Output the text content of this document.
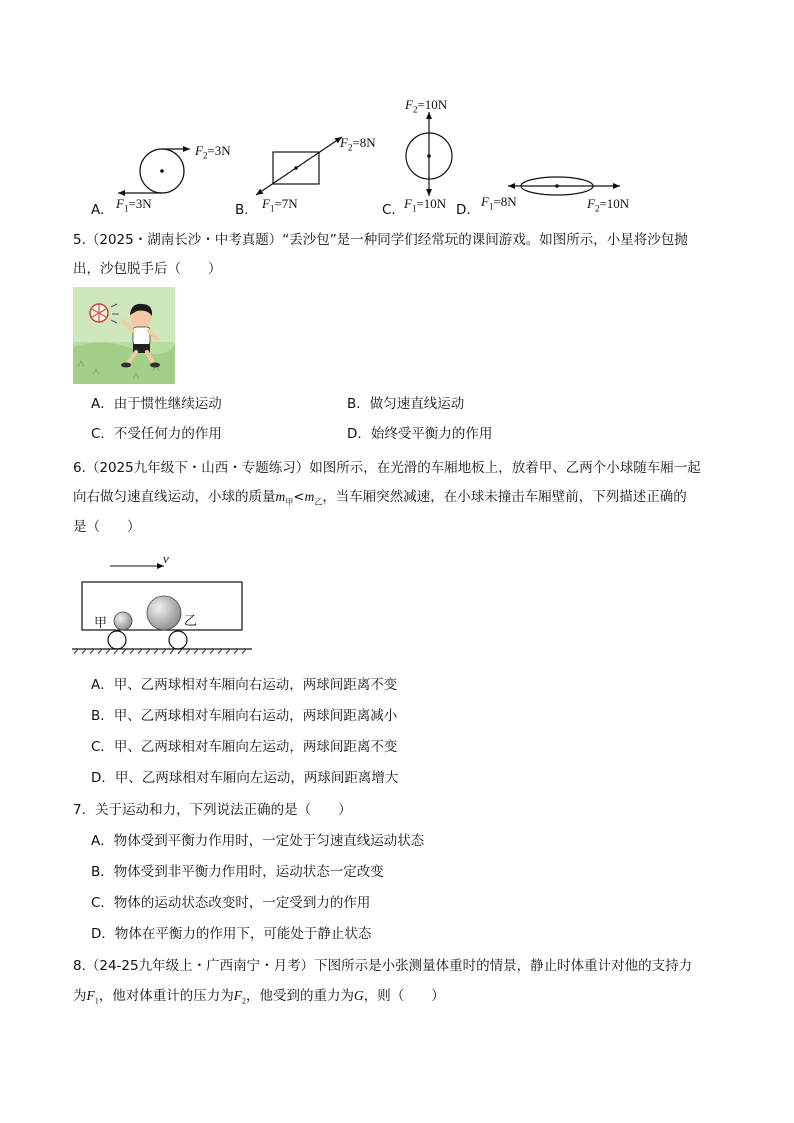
A. $F_1=3N$
$F_2=3N$
B. $F_1=7N$
$F_2=8N$
C. $F_1=10N$
$F_2=10N$
D.
$F_1=8N$	$F_2=10N$
5.（2025・湖南长沙・中考真题）“丢沙包”是一种同学们经常玩的课间游戏。如图所示，小星将沙包抛
出，沙包脱手后（　　）
A．由于惯性继续运动	B．做匀速直线运动
C．不受任何力的作用	D．始终受平衡力的作用
6.（2025九年级下・山西・专题练习）如图所示，在光滑的车厢地板上，放着甲、乙两个小球随车厢一起
向右做匀速直线运动，小球的质量$m_甲<m_乙$，当车厢突然减速，在小球未撞击车厢壁前，下列描述正确的
是（　　）
v
甲	乙
A．甲、乙两球相对车厢向右运动，两球间距离不变
B．甲、乙两球相对车厢向右运动，两球间距离减小
C．甲、乙两球相对车厢向左运动，两球间距离不变
D．甲、乙两球相对车厢向左运动，两球间距离增大
7．关于运动和力，下列说法正确的是（　　）
A．物体受到平衡力作用时，一定处于匀速直线运动状态
B．物体受到非平衡力作用时，运动状态一定改变
C．物体的运动状态改变时，一定受到力的作用
D．物体在平衡力的作用下，可能处于静止状态
8.（24-25九年级上・广西南宁・月考）下图所示是小张测量体重时的情景，静止时体重计对他的支持力
为$F_1$，他对体重计的压力为$F_2$，他受到的重力为G，则（　　）
